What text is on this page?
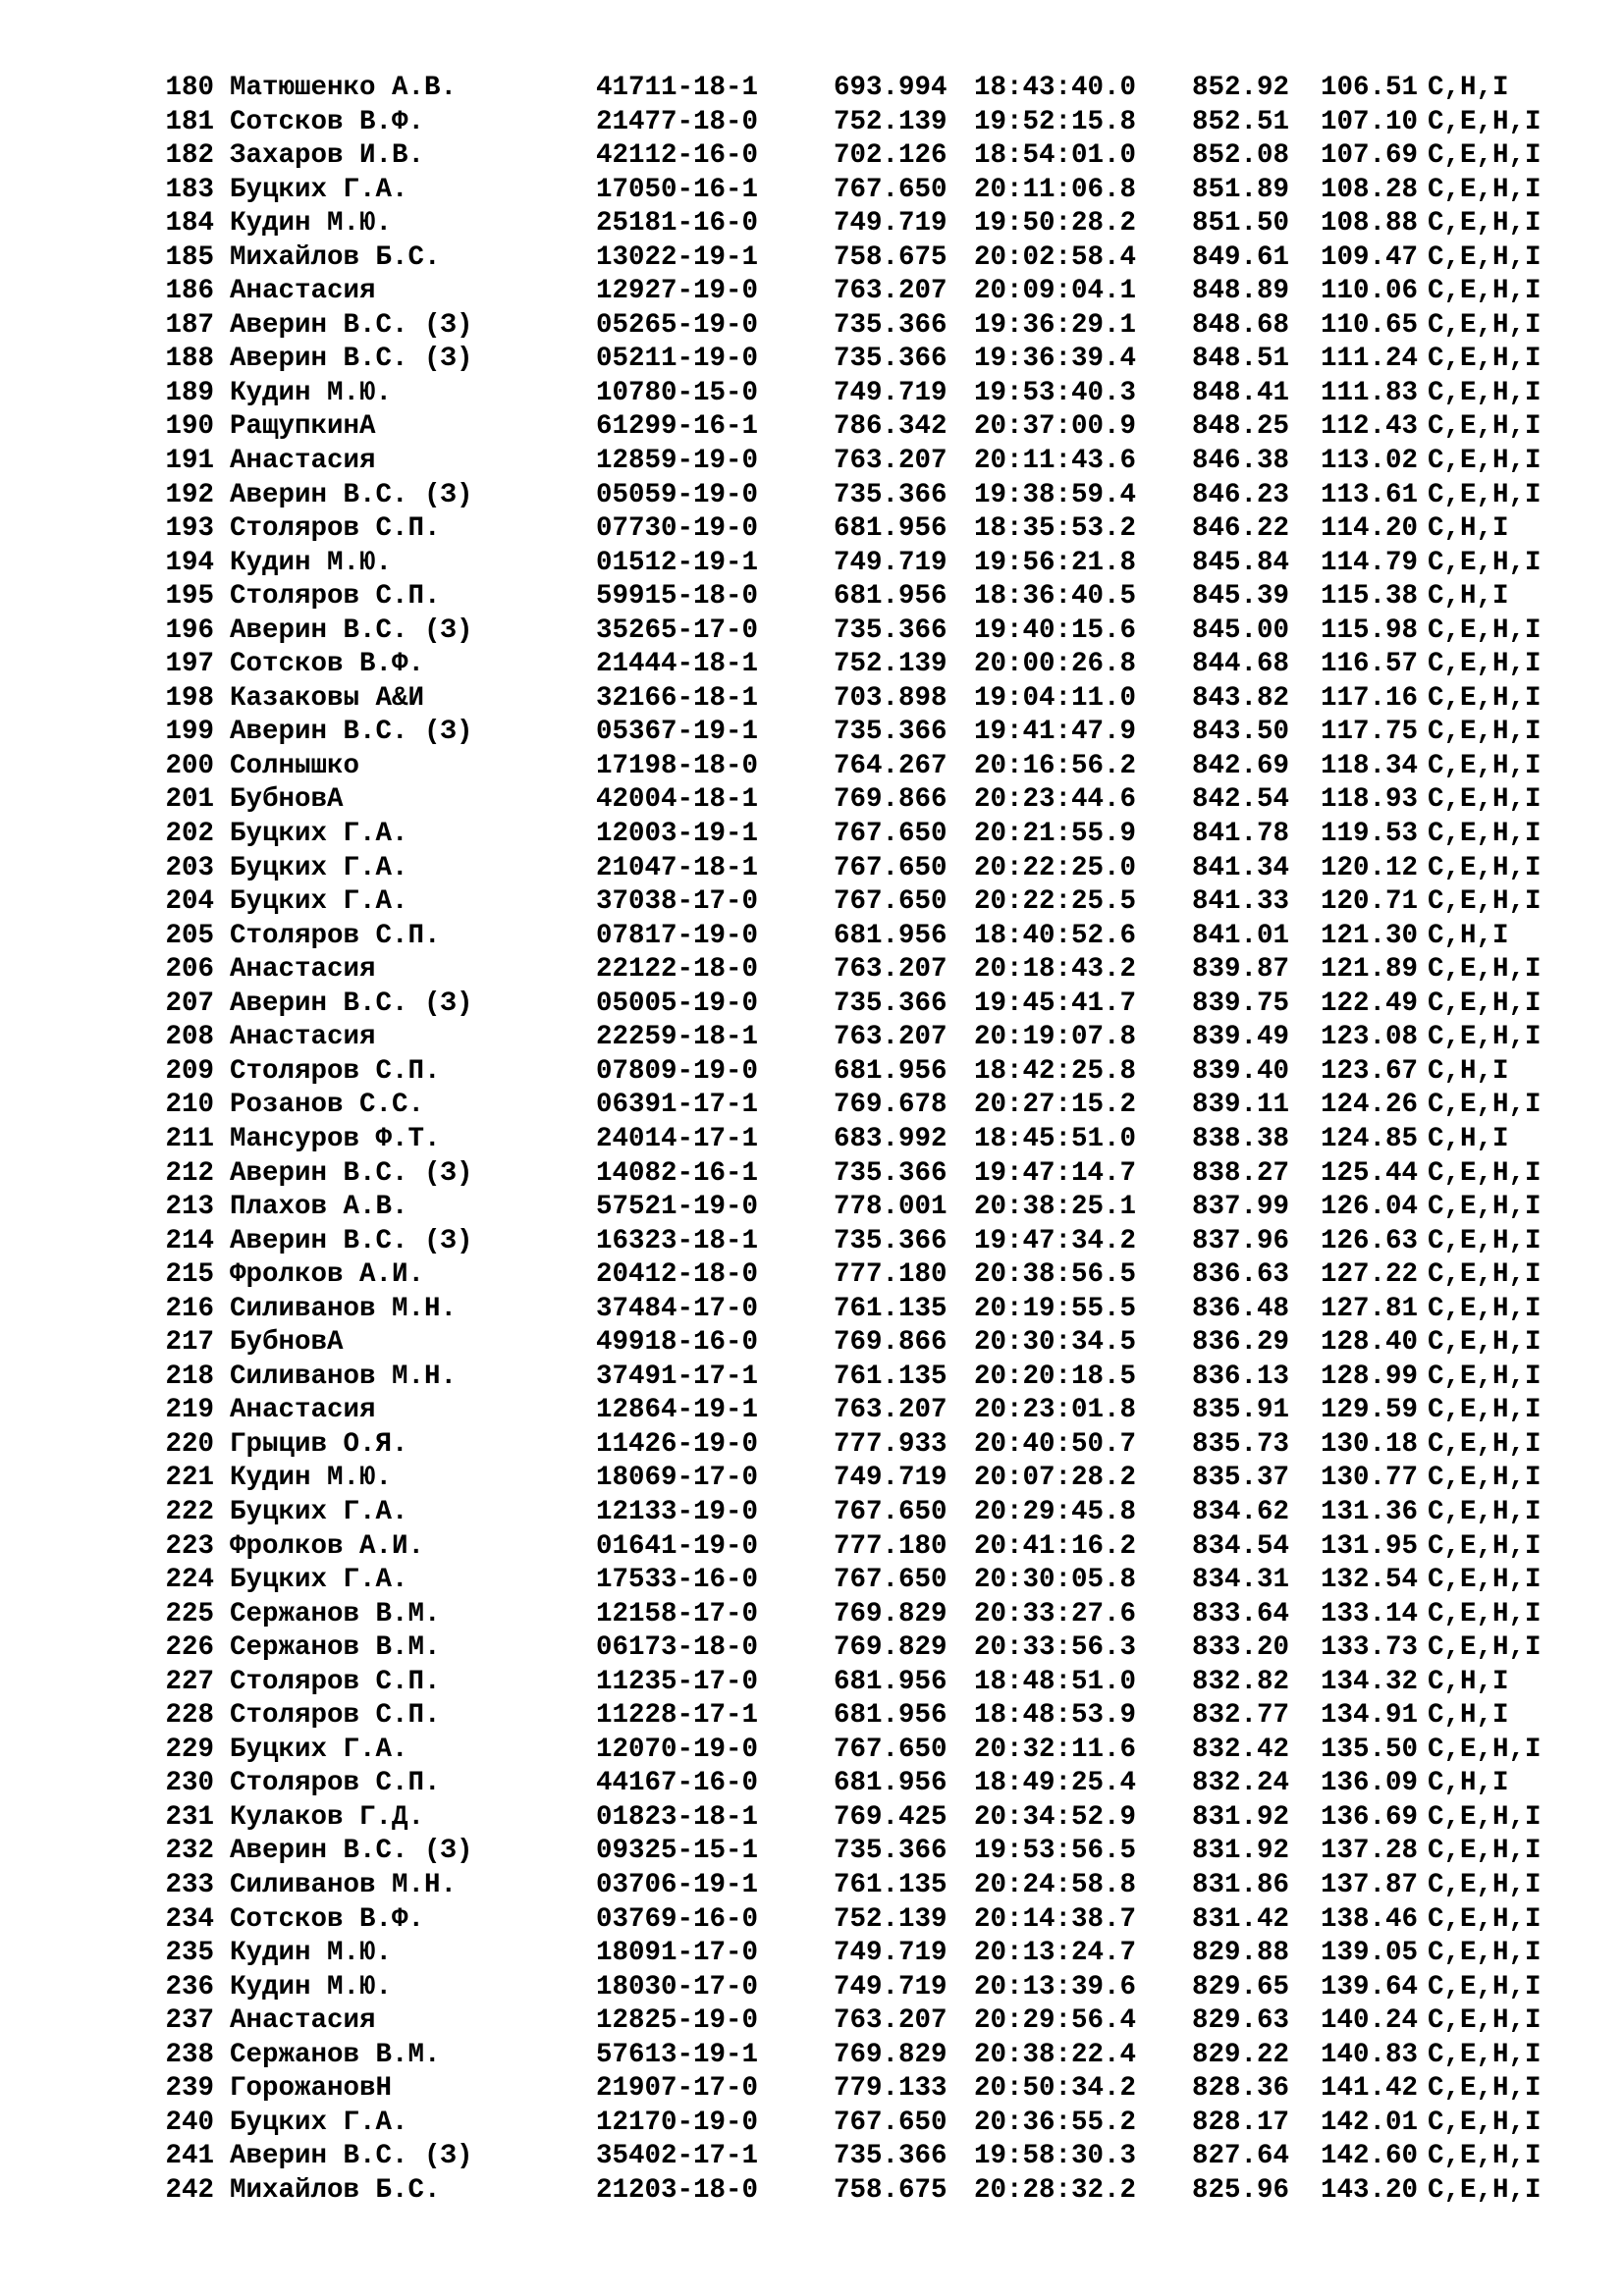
180 Матюшенко А.В.	41711-18-1	693.994 18:43:40.0	852.92	106.51 C,H,I
181 Сотсков В.Ф.	21477-18-0	752.139 19:52:15.8	852.51	107.10 C,E,H,I
182 Захаров И.В.	42112-16-0	702.126 18:54:01.0	852.08	107.69 C,E,H,I
183 Буцких Г.А.	17050-16-1	767.650 20:11:06.8	851.89	108.28 C,E,H,I
184 Кудин М.Ю.	25181-16-0	749.719 19:50:28.2	851.50	108.88 C,E,H,I
185 Михайлов Б.С.	13022-19-1	758.675 20:02:58.4	849.61	109.47 C,E,H,I
186 Анастасия	12927-19-0	763.207 20:09:04.1	848.89	110.06 C,E,H,I
187 Аверин В.С. (З)	05265-19-0	735.366 19:36:29.1	848.68	110.65 C,E,H,I
188 Аверин В.С. (З)	05211-19-0	735.366 19:36:39.4	848.51	111.24 C,E,H,I
189 Кудин М.Ю.	10780-15-0	749.719 19:53:40.3	848.41	111.83 C,E,H,I
190 РащупкинА	61299-16-1	786.342 20:37:00.9	848.25	112.43 C,E,H,I
191 Анастасия	12859-19-0	763.207 20:11:43.6	846.38	113.02 C,E,H,I
192 Аверин В.С. (З)	05059-19-0	735.366 19:38:59.4	846.23	113.61 C,E,H,I
193 Столяров С.П.	07730-19-0	681.956 18:35:53.2	846.22	114.20 C,H,I
194 Кудин М.Ю.	01512-19-1	749.719 19:56:21.8	845.84	114.79 C,E,H,I
195 Столяров С.П.	59915-18-0	681.956 18:36:40.5	845.39	115.38 C,H,I
196 Аверин В.С. (З)	35265-17-0	735.366 19:40:15.6	845.00	115.98 C,E,H,I
197 Сотсков В.Ф.	21444-18-1	752.139 20:00:26.8	844.68	116.57 C,E,H,I
198 Казаковы А&И	32166-18-1	703.898 19:04:11.0	843.82	117.16 C,E,H,I
199 Аверин В.С. (З)	05367-19-1	735.366 19:41:47.9	843.50	117.75 C,E,H,I
200 Солнышко	17198-18-0	764.267 20:16:56.2	842.69	118.34 C,E,H,I
201 БубновА	42004-18-1	769.866 20:23:44.6	842.54	118.93 C,E,H,I
202 Буцких Г.А.	12003-19-1	767.650 20:21:55.9	841.78	119.53 C,E,H,I
203 Буцких Г.А.	21047-18-1	767.650 20:22:25.0	841.34	120.12 C,E,H,I
204 Буцких Г.А.	37038-17-0	767.650 20:22:25.5	841.33	120.71 C,E,H,I
205 Столяров С.П.	07817-19-0	681.956 18:40:52.6	841.01	121.30 C,H,I
206 Анастасия	22122-18-0	763.207 20:18:43.2	839.87	121.89 C,E,H,I
207 Аверин В.С. (З)	05005-19-0	735.366 19:45:41.7	839.75	122.49 C,E,H,I
208 Анастасия	22259-18-1	763.207 20:19:07.8	839.49	123.08 C,E,H,I
209 Столяров С.П.	07809-19-0	681.956 18:42:25.8	839.40	123.67 C,H,I
210 Розанов С.С.	06391-17-1	769.678 20:27:15.2	839.11	124.26 C,E,H,I
211 Мансуров Ф.Т.	24014-17-1	683.992 18:45:51.0	838.38	124.85 C,H,I
212 Аверин В.С. (З)	14082-16-1	735.366 19:47:14.7	838.27	125.44 C,E,H,I
213 Плахов А.В.	57521-19-0	778.001 20:38:25.1	837.99	126.04 C,E,H,I
214 Аверин В.С. (З)	16323-18-1	735.366 19:47:34.2	837.96	126.63 C,E,H,I
215 Фролков А.И.	20412-18-0	777.180 20:38:56.5	836.63	127.22 C,E,H,I
216 Силиванов М.Н.	37484-17-0	761.135 20:19:55.5	836.48	127.81 C,E,H,I
217 БубновА	49918-16-0	769.866 20:30:34.5	836.29	128.40 C,E,H,I
218 Силиванов М.Н.	37491-17-1	761.135 20:20:18.5	836.13	128.99 C,E,H,I
219 Анастасия	12864-19-1	763.207 20:23:01.8	835.91	129.59 C,E,H,I
220 Грыцив О.Я.	11426-19-0	777.933 20:40:50.7	835.73	130.18 C,E,H,I
221 Кудин М.Ю.	18069-17-0	749.719 20:07:28.2	835.37	130.77 C,E,H,I
222 Буцких Г.А.	12133-19-0	767.650 20:29:45.8	834.62	131.36 C,E,H,I
223 Фролков А.И.	01641-19-0	777.180 20:41:16.2	834.54	131.95 C,E,H,I
224 Буцких Г.А.	17533-16-0	767.650 20:30:05.8	834.31	132.54 C,E,H,I
225 Сержанов В.М.	12158-17-0	769.829 20:33:27.6	833.64	133.14 C,E,H,I
226 Сержанов В.М.	06173-18-0	769.829 20:33:56.3	833.20	133.73 C,E,H,I
227 Столяров С.П.	11235-17-0	681.956 18:48:51.0	832.82	134.32 C,H,I
228 Столяров С.П.	11228-17-1	681.956 18:48:53.9	832.77	134.91 C,H,I
229 Буцких Г.А.	12070-19-0	767.650 20:32:11.6	832.42	135.50 C,E,H,I
230 Столяров С.П.	44167-16-0	681.956 18:49:25.4	832.24	136.09 C,H,I
231 Кулаков Г.Д.	01823-18-1	769.425 20:34:52.9	831.92	136.69 C,E,H,I
232 Аверин В.С. (З)	09325-15-1	735.366 19:53:56.5	831.92	137.28 C,E,H,I
233 Силиванов М.Н.	03706-19-1	761.135 20:24:58.8	831.86	137.87 C,E,H,I
234 Сотсков В.Ф.	03769-16-0	752.139 20:14:38.7	831.42	138.46 C,E,H,I
235 Кудин М.Ю.	18091-17-0	749.719 20:13:24.7	829.88	139.05 C,E,H,I
236 Кудин М.Ю.	18030-17-0	749.719 20:13:39.6	829.65	139.64 C,E,H,I
237 Анастасия	12825-19-0	763.207 20:29:56.4	829.63	140.24 C,E,H,I
238 Сержанов В.М.	57613-19-1	769.829 20:38:22.4	829.22	140.83 C,E,H,I
239 ГорожановН	21907-17-0	779.133 20:50:34.2	828.36	141.42 C,E,H,I
240 Буцких Г.А.	12170-19-0	767.650 20:36:55.2	828.17	142.01 C,E,H,I
241 Аверин В.С. (З)	35402-17-1	735.366 19:58:30.3	827.64	142.60 C,E,H,I
242 Михайлов Б.С.	21203-18-0	758.675 20:28:32.2	825.96	143.20 C,E,H,I
